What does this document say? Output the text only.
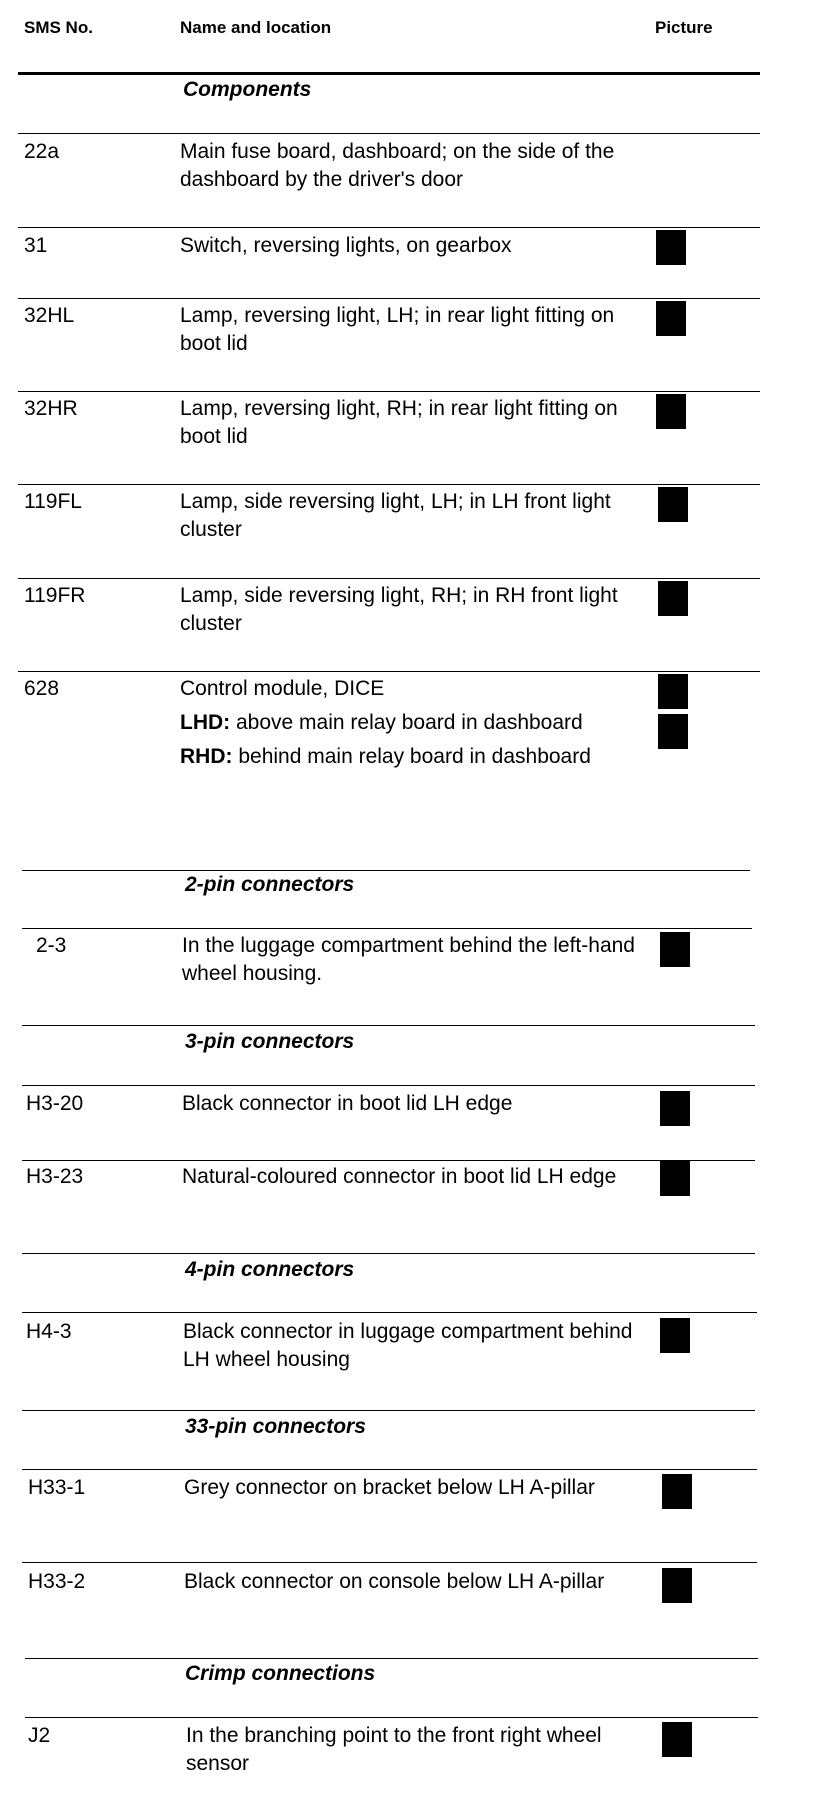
SMS No.	Name and location	Picture
Components
22a	Main fuse board, dashboard; on the side of the dashboard by the driver's door

31	Switch, reversing lights, on gearbox

32HL	Lamp, reversing light, LH; in rear light fitting on boot lid

32HR	Lamp, reversing light, RH; in rear light fitting on boot lid

119FL	Lamp, side reversing light, LH; in LH front light cluster

119FR	Lamp, side reversing light, RH; in RH front light cluster

628	Control module, DICE

LHD: above main relay board in dashboard

RHD: behind main relay board in dashboard

2-pin connectors
2-3	In the luggage compartment behind the left-hand wheel housing.

3-pin connectors
H3-20	Black connector in boot lid LH edge

H3-23	Natural-coloured connector in boot lid LH edge

4-pin connectors
H4-3	Black connector in luggage compartment behind LH wheel housing

33-pin connectors
H33-1	Grey connector on bracket below LH A-pillar

H33-2	Black connector on console below LH A-pillar

Crimp connections
J2	In the branching point to the front right wheel sensor
